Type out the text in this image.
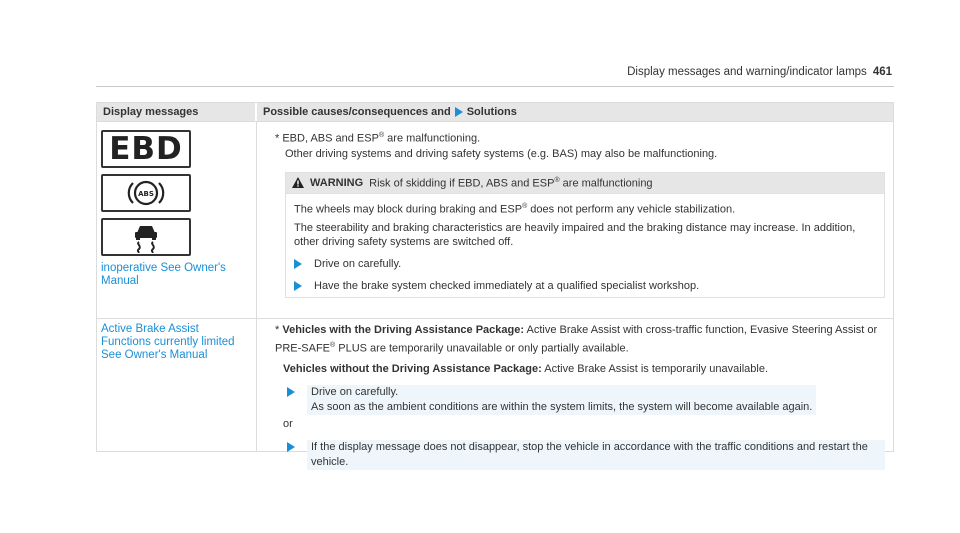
Display messages and warning/indicator lamps 461
Display messages	Possible causes/consequences and Solutions
EBD
ABS
inoperative See Owner's Manual
* EBD, ABS and ESP® are malfunctioning.
Other driving systems and driving safety systems (e.g. BAS) may also be malfunctioning.
WARNING Risk of skidding if EBD, ABS and ESP® are malfunctioning
The wheels may block during braking and ESP® does not perform any vehicle stabilization.
The steerability and braking characteristics are heavily impaired and the braking distance may increase. In addition, other driving safety systems are switched off.
Drive on carefully.
Have the brake system checked immediately at a qualified specialist workshop.
Active Brake Assist Functions currently limited See Owner's Manual
* Vehicles with the Driving Assistance Package: Active Brake Assist with cross-traffic function, Evasive Steering Assist or PRE-SAFE® PLUS are temporarily unavailable or only partially available.
Vehicles without the Driving Assistance Package: Active Brake Assist is temporarily unavailable.
Drive on carefully.
As soon as the ambient conditions are within the system limits, the system will become available again.
or
If the display message does not disappear, stop the vehicle in accordance with the traffic conditions and restart the vehicle.
